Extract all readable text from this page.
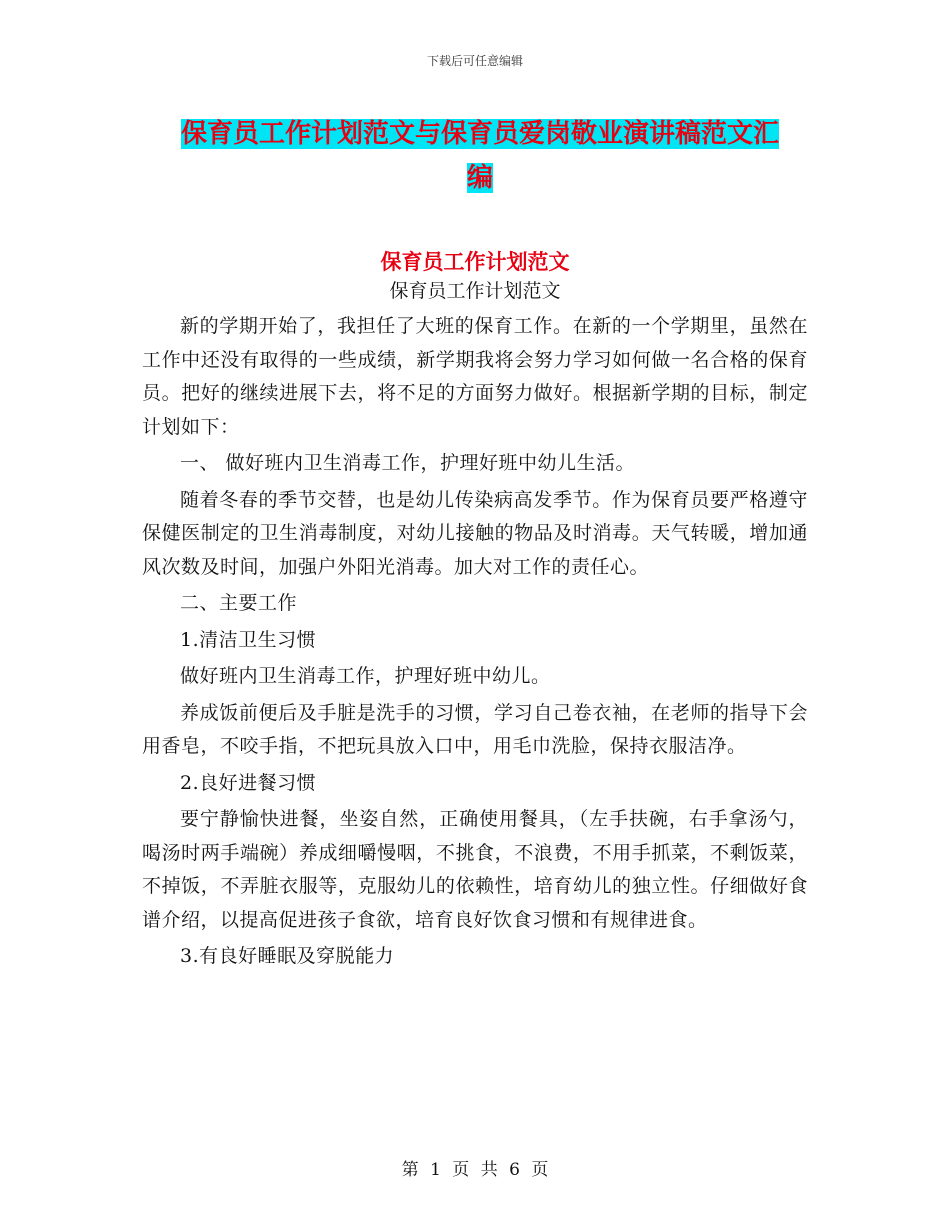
下载后可任意编辑
保育员工作计划范文与保育员爱岗敬业演讲稿范文汇
编
保育员工作计划范文
保育员工作计划范文

新的学期开始了，我担任了大班的保育工作。在新的一个学期里，虽然在工作中还没有取得的一些成绩，新学期我将会努力学习如何做一名合格的保育员。把好的继续进展下去，将不足的方面努力做好。根据新学期的目标，制定计划如下：

一、 做好班内卫生消毒工作，护理好班中幼儿生活。

随着冬春的季节交替，也是幼儿传染病高发季节。作为保育员要严格遵守保健医制定的卫生消毒制度，对幼儿接触的物品及时消毒。天气转暖，增加通风次数及时间，加强户外阳光消毒。加大对工作的责任心。

二、主要工作

1.清洁卫生习惯

做好班内卫生消毒工作，护理好班中幼儿。

养成饭前便后及手脏是洗手的习惯，学习自己卷衣袖，在老师的指导下会用香皂，不咬手指，不把玩具放入口中，用毛巾洗脸，保持衣服洁净。

2.良好进餐习惯

要宁静愉快进餐，坐姿自然，正确使用餐具，（左手扶碗，右手拿汤勺，喝汤时两手端碗）养成细嚼慢咽，不挑食，不浪费，不用手抓菜，不剩饭菜，不掉饭，不弄脏衣服等，克服幼儿的依赖性，培育幼儿的独立性。仔细做好食谱介绍，以提高促进孩子食欲，培育良好饮食习惯和有规律进食。

3.有良好睡眠及穿脱能力

第 1 页 共 6 页
